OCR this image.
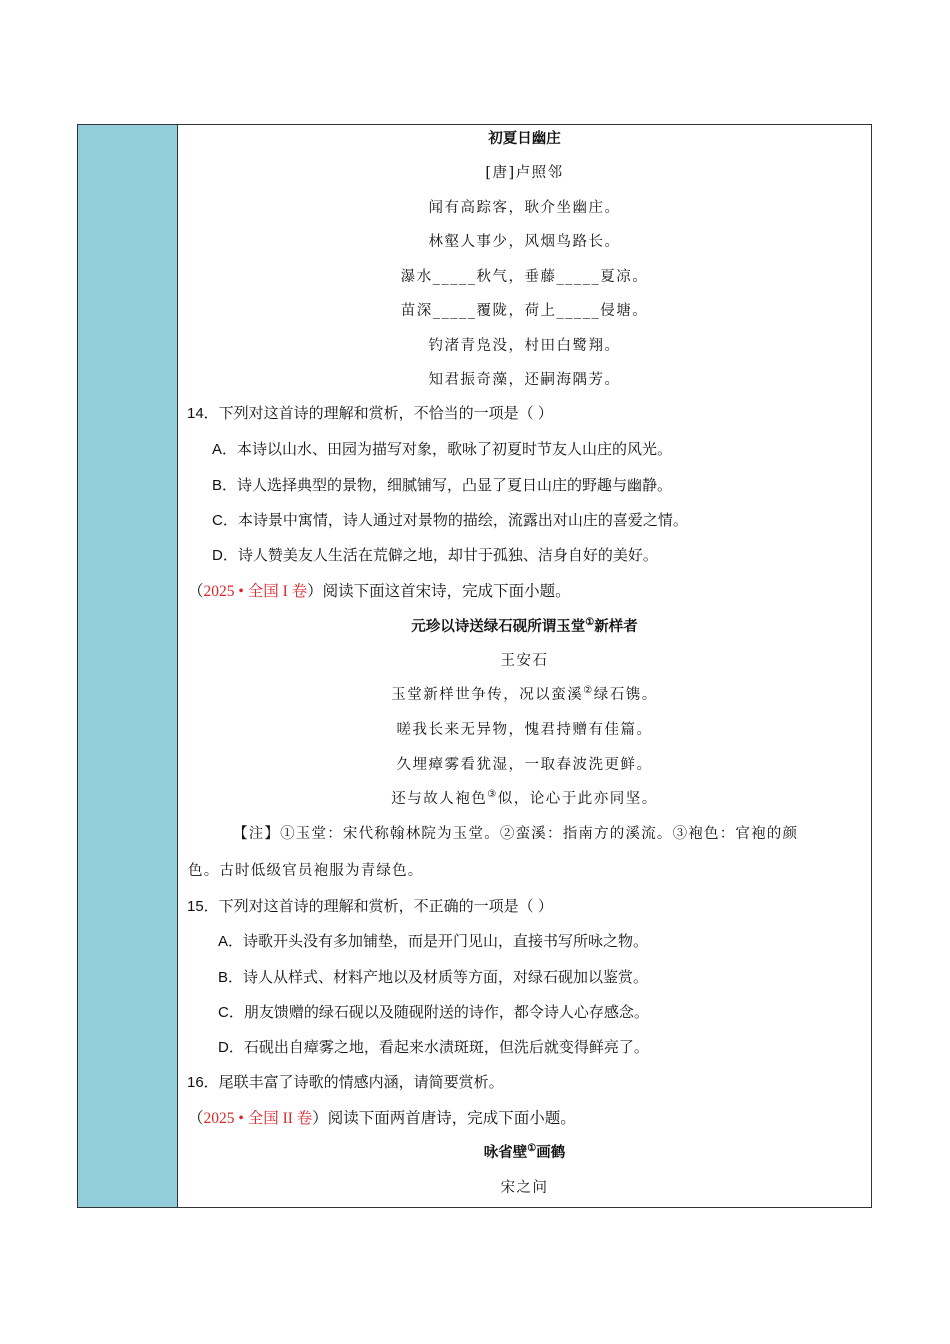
初夏日幽庄
[唐]卢照邻
闻有高踪客，耿介坐幽庄。
林壑人事少，风烟鸟路长。
瀑水_____秋气，垂藤_____夏凉。
苗深_____覆陇，荷上_____侵塘。
钓渚青凫没，村田白鹭翔。
知君振奇藻，还嗣海隅芳。
14．下列对这首诗的理解和赏析，不恰当的一项是（ ）
A．本诗以山水、田园为描写对象，歌咏了初夏时节友人山庄的风光。
B．诗人选择典型的景物，细腻铺写，凸显了夏日山庄的野趣与幽静。
C．本诗景中寓情，诗人通过对景物的描绘，流露出对山庄的喜爱之情。
D．诗人赞美友人生活在荒僻之地，却甘于孤独、洁身自好的美好。
（2025 • 全国 I 卷）阅读下面这首宋诗，完成下面小题。
元珍以诗送绿石砚所谓玉堂①新样者
王安石
玉堂新样世争传，况以蛮溪②绿石镌。
嗟我长来无异物，愧君持赠有佳篇。
久埋瘴雾看犹湿，一取春波洗更鲜。
还与故人袍色③似，论心于此亦同坚。
【注】①玉堂：宋代称翰林院为玉堂。②蛮溪：指南方的溪流。③袍色：官袍的颜
色。古时低级官员袍服为青绿色。
15．下列对这首诗的理解和赏析，不正确的一项是（ ）
A．诗歌开头没有多加铺垫，而是开门见山，直接书写所咏之物。
B．诗人从样式、材料产地以及材质等方面，对绿石砚加以鉴赏。
C．朋友馈赠的绿石砚以及随砚附送的诗作，都令诗人心存感念。
D．石砚出自瘴雾之地，看起来水渍斑斑，但洗后就变得鲜亮了。
16．尾联丰富了诗歌的情感内涵，请简要赏析。
（2025 • 全国 II 卷）阅读下面两首唐诗，完成下面小题。
咏省壁①画鹤
宋之问
